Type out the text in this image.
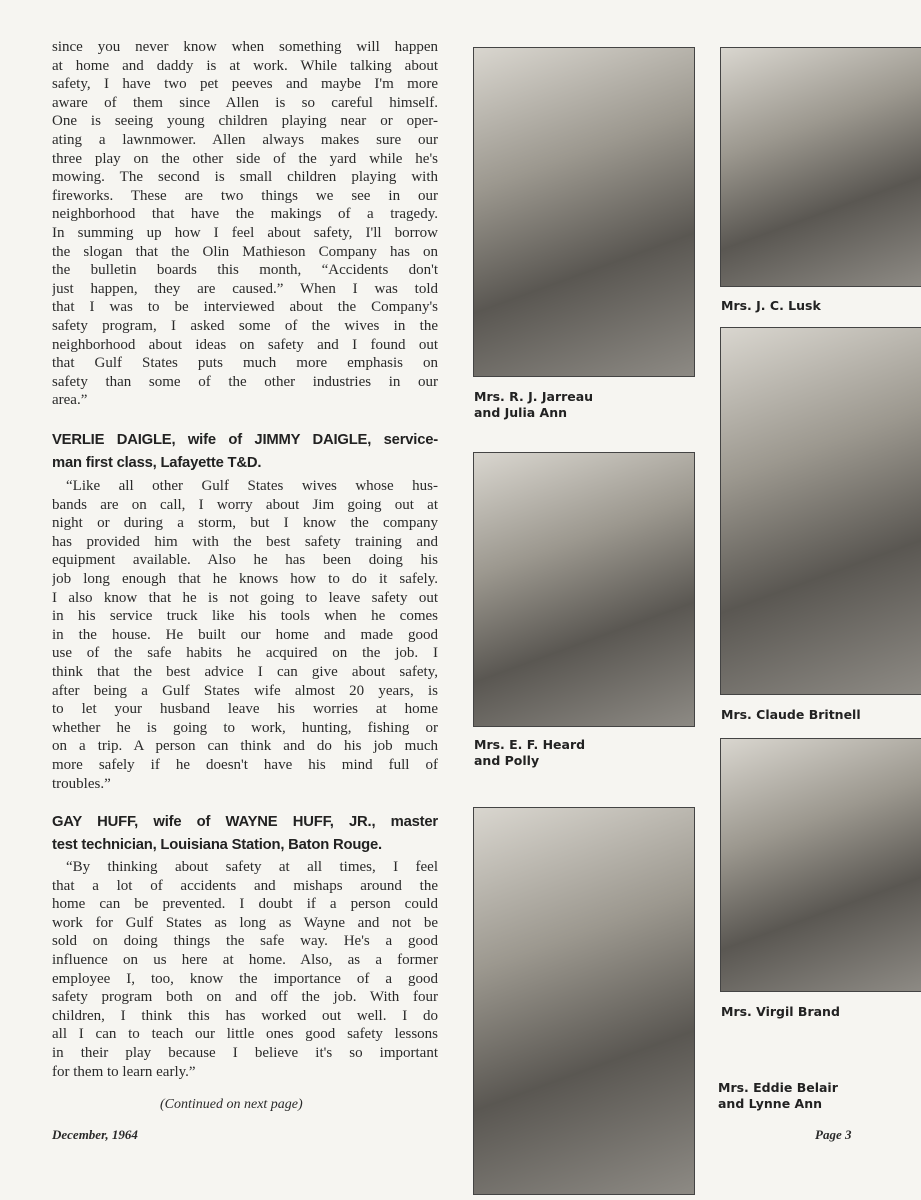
since you never know when something will happen
at home and daddy is at work. While talking about
safety, I have two pet peeves and maybe I'm more
aware of them since Allen is so careful himself.
One is seeing young children playing near or oper-
ating a lawnmower. Allen always makes sure our
three play on the other side of the yard while he's
mowing. The second is small children playing with
fireworks. These are two things we see in our
neighborhood that have the makings of a tragedy.
In summing up how I feel about safety, I'll borrow
the slogan that the Olin Mathieson Company has on
the bulletin boards this month, “Accidents don't
just happen, they are caused.” When I was told
that I was to be interviewed about the Company's
safety program, I asked some of the wives in the
neighborhood about ideas on safety and I found out
that Gulf States puts much more emphasis on
safety than some of the other industries in our
area.”
VERLIE DAIGLE, wife of JIMMY DAIGLE, service-
man first class, Lafayette T&D.
“Like all other Gulf States wives whose hus-
bands are on call, I worry about Jim going out at
night or during a storm, but I know the company
has provided him with the best safety training and
equipment available. Also he has been doing his
job long enough that he knows how to do it safely.
I also know that he is not going to leave safety out
in his service truck like his tools when he comes
in the house. He built our home and made good
use of the safe habits he acquired on the job. I
think that the best advice I can give about safety,
after being a Gulf States wife almost 20 years, is
to let your husband leave his worries at home
whether he is going to work, hunting, fishing or
on a trip. A person can think and do his job much
more safely if he doesn't have his mind full of
troubles.”
GAY HUFF, wife of WAYNE HUFF, JR., master
test technician, Louisiana Station, Baton Rouge.
“By thinking about safety at all times, I feel
that a lot of accidents and mishaps around the
home can be prevented. I doubt if a person could
work for Gulf States as long as Wayne and not be
sold on doing things the safe way. He's a good
influence on us here at home. Also, as a former
employee I, too, know the importance of a good
safety program both on and off the job. With four
children, I think this has worked out well. I do
all I can to teach our little ones good safety lessons
in their play because I believe it's so important
for them to learn early.”
(Continued on next page)
Mrs. R. J. Jarreau
and Julia Ann
Mrs. E. F. Heard
and Polly
Mrs. J. C. Lusk
Mrs. Claude Britnell
Mrs. Virgil Brand
Mrs. Eddie Belair
and Lynne Ann
December, 1964	Page 3
